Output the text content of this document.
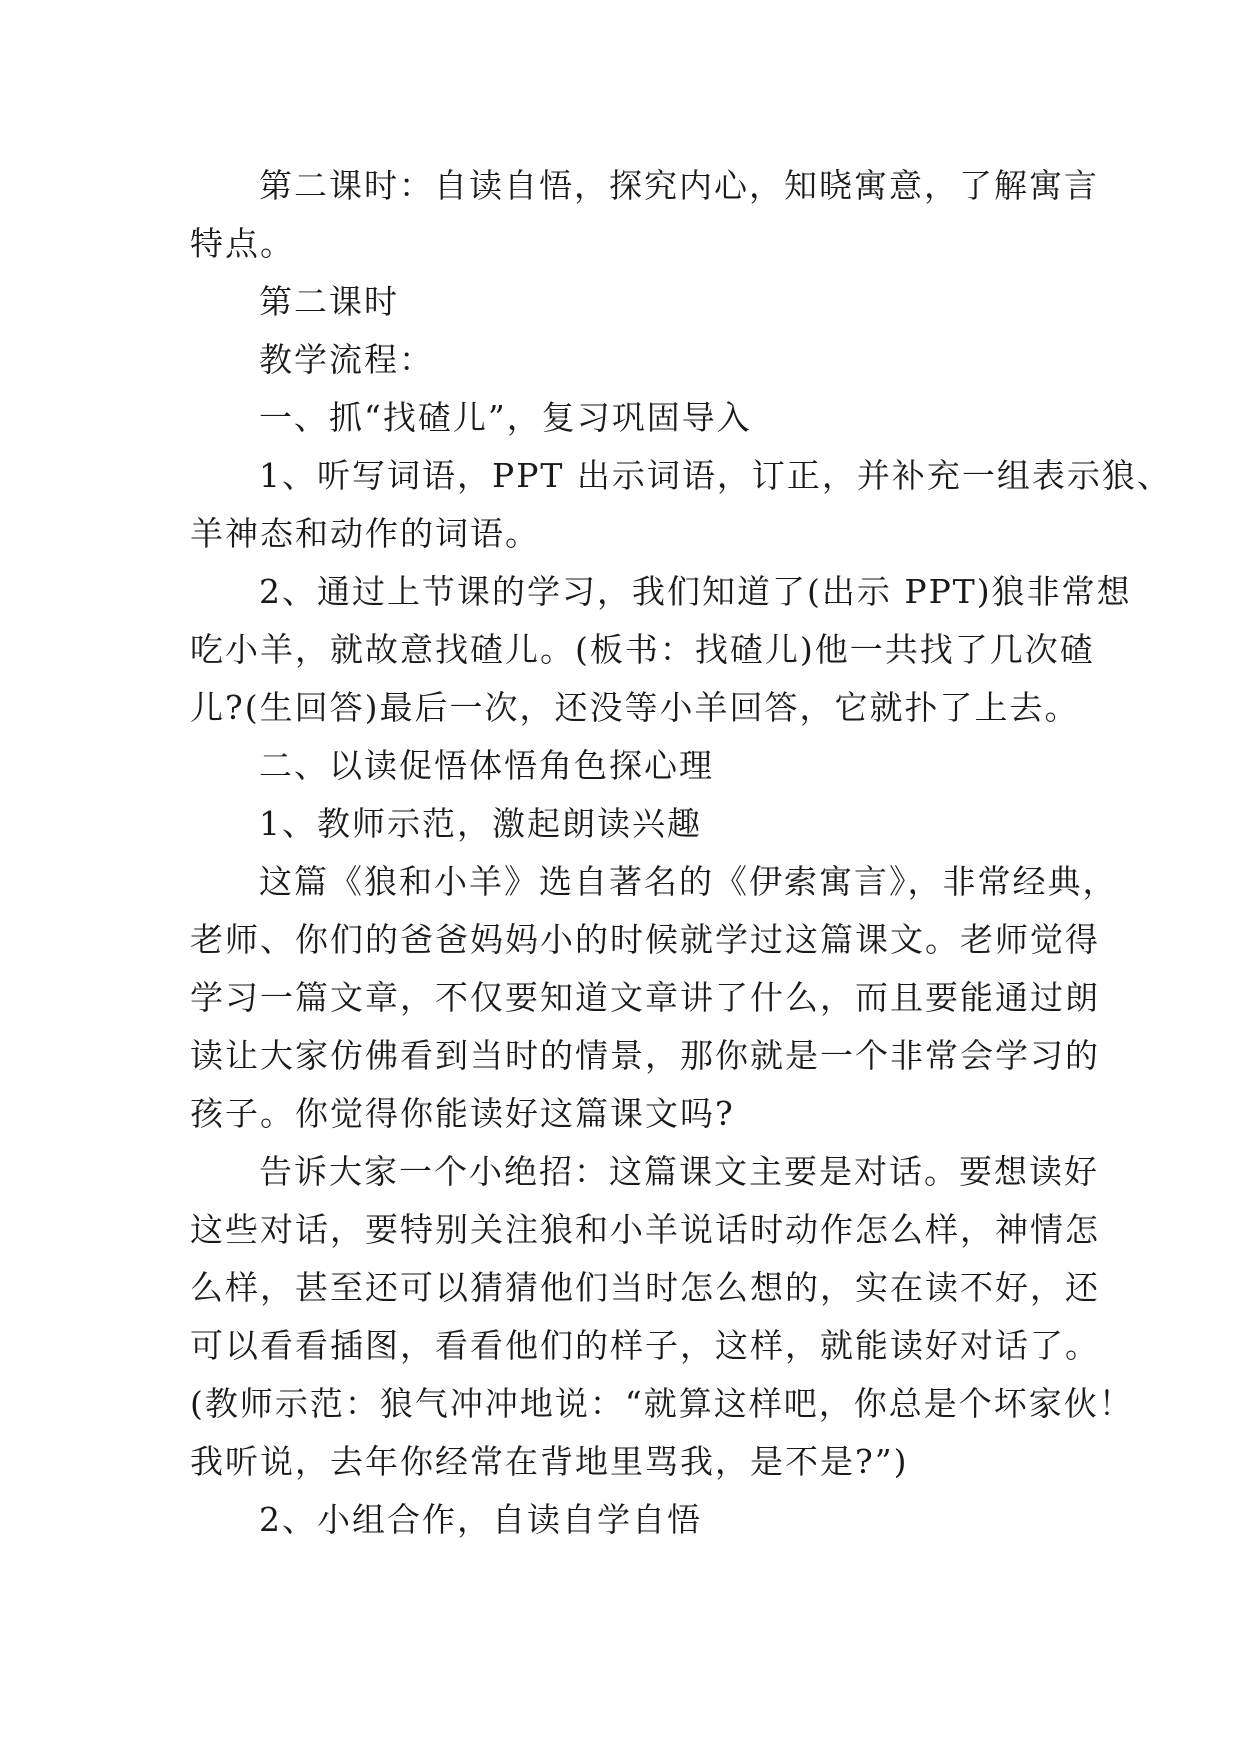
第二课时：自读自悟，探究内心，知晓寓意，了解寓言
特点。
第二课时
教学流程：
一、抓“找碴儿”，复习巩固导入
1、听写词语，PPT 出示词语，订正，并补充一组表示狼、
羊神态和动作的词语。
2、通过上节课的学习，我们知道了(出示 PPT)狼非常想
吃小羊，就故意找碴儿。(板书：找碴儿)他一共找了几次碴
儿?(生回答)最后一次，还没等小羊回答，它就扑了上去。
二、以读促悟体悟角色探心理
1、教师示范，激起朗读兴趣
这篇《狼和小羊》选自著名的《伊索寓言》，非常经典，
老师、你们的爸爸妈妈小的时候就学过这篇课文。老师觉得
学习一篇文章，不仅要知道文章讲了什么，而且要能通过朗
读让大家仿佛看到当时的情景，那你就是一个非常会学习的
孩子。你觉得你能读好这篇课文吗?
告诉大家一个小绝招：这篇课文主要是对话。要想读好
这些对话，要特别关注狼和小羊说话时动作怎么样，神情怎
么样，甚至还可以猜猜他们当时怎么想的，实在读不好，还
可以看看插图，看看他们的样子，这样，就能读好对话了。
(教师示范：狼气冲冲地说：“就算这样吧，你总是个坏家伙！
我听说，去年你经常在背地里骂我，是不是?”)
2、小组合作，自读自学自悟
